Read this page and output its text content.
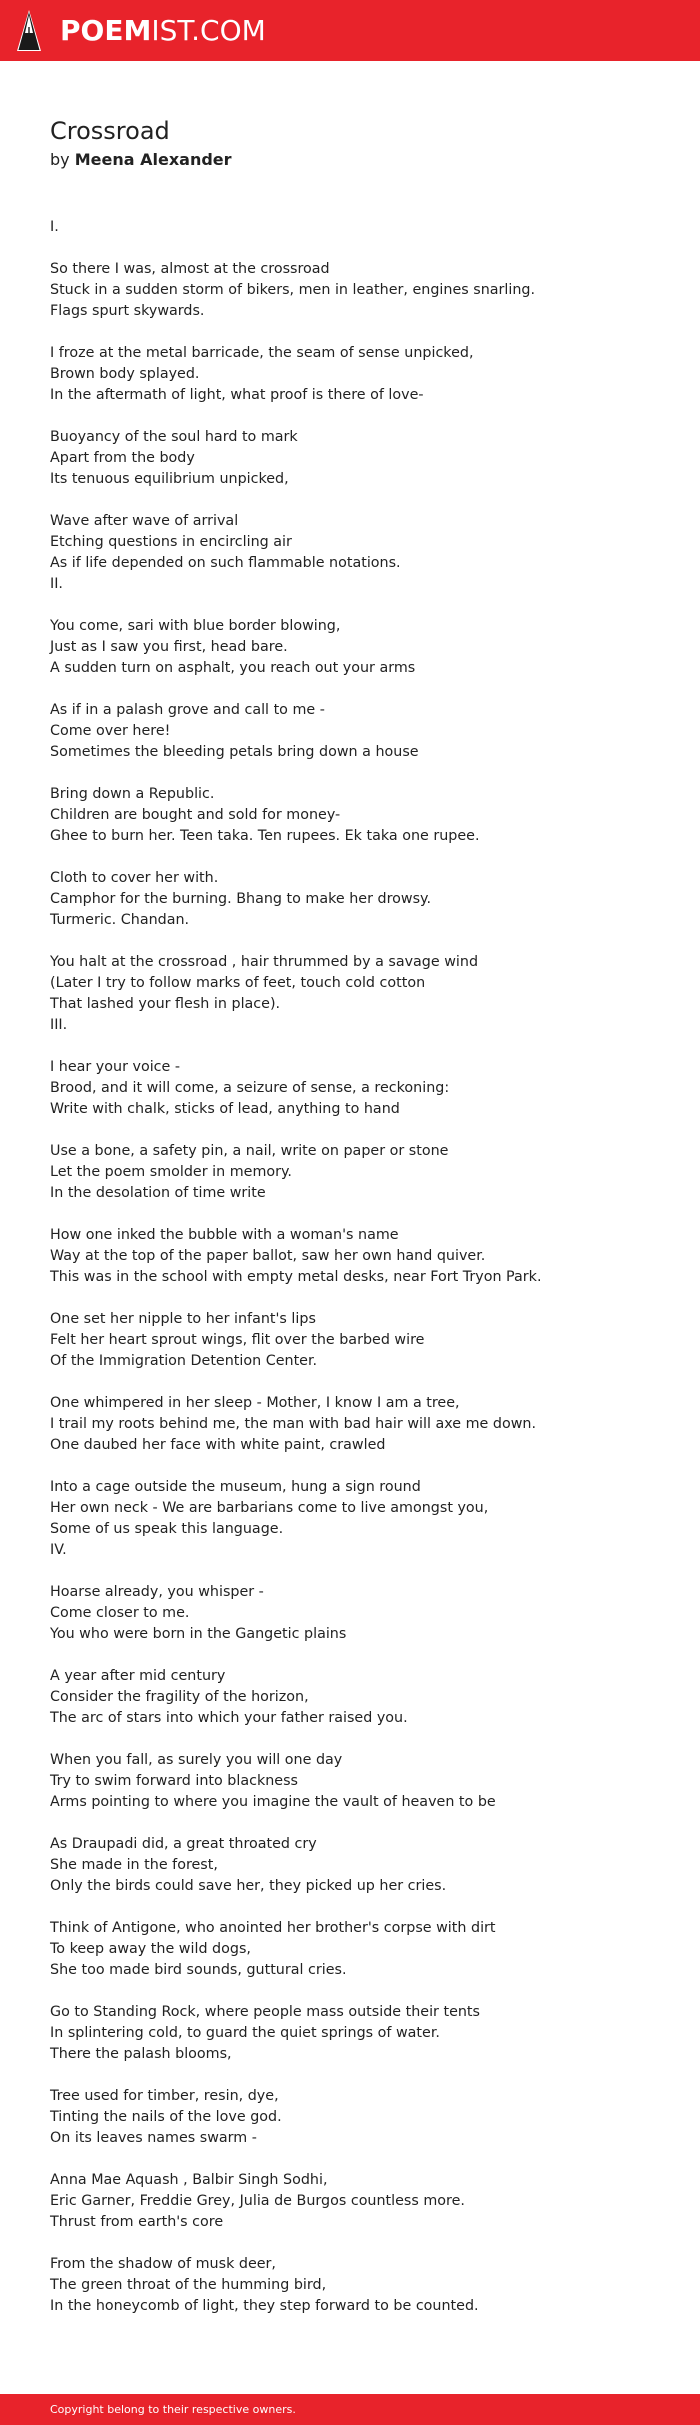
POEMIST.COM
Crossroad
by Meena Alexander
I.
So there I was, almost at the crossroad
Stuck in a sudden storm of bikers, men in leather, engines snarling.
Flags spurt skywards.
I froze at the metal barricade, the seam of sense unpicked,
Brown body splayed.
In the aftermath of light, what proof is there of love-
Buoyancy of the soul hard to mark
Apart from the body
Its tenuous equilibrium unpicked,
Wave after wave of arrival
Etching questions in encircling air
As if life depended on such flammable notations.
II.
You come, sari with blue border blowing,
Just as I saw you first, head bare.
A sudden turn on asphalt, you reach out your arms
As if in a palash grove and call to me -
Come over here!
Sometimes the bleeding petals bring down a house
Bring down a Republic.
Children are bought and sold for money-
Ghee to burn her. Teen taka. Ten rupees. Ek taka one rupee.
Cloth to cover her with.
Camphor for the burning. Bhang to make her drowsy.
Turmeric. Chandan.
You halt at the crossroad , hair thrummed by a savage wind
(Later I try to follow marks of feet, touch cold cotton
That lashed your flesh in place).
III.
I hear your voice -
Brood, and it will come, a seizure of sense, a reckoning:
Write with chalk, sticks of lead, anything to hand
Use a bone, a safety pin, a nail, write on paper or stone
Let the poem smolder in memory.
In the desolation of time write
How one inked the bubble with a woman's name
Way at the top of the paper ballot, saw her own hand quiver.
This was in the school with empty metal desks, near Fort Tryon Park.
One set her nipple to her infant's lips
Felt her heart sprout wings, flit over the barbed wire
Of the Immigration Detention Center.
One whimpered in her sleep - Mother, I know I am a tree,
I trail my roots behind me, the man with bad hair will axe me down.
One daubed her face with white paint, crawled
Into a cage outside the museum, hung a sign round
Her own neck - We are barbarians come to live amongst you,
Some of us speak this language.
IV.
Hoarse already, you whisper -
Come closer to me.
You who were born in the Gangetic plains
A year after mid century
Consider the fragility of the horizon,
The arc of stars into which your father raised you.
When you fall, as surely you will one day
Try to swim forward into blackness
Arms pointing to where you imagine the vault of heaven to be
As Draupadi did, a great throated cry
She made in the forest,
Only the birds could save her, they picked up her cries.
Think of Antigone, who anointed her brother's corpse with dirt
To keep away the wild dogs,
She too made bird sounds, guttural cries.
Go to Standing Rock, where people mass outside their tents
In splintering cold, to guard the quiet springs of water.
There the palash blooms,
Tree used for timber, resin, dye,
Tinting the nails of the love god.
On its leaves names swarm -
Anna Mae Aquash , Balbir Singh Sodhi,
Eric Garner, Freddie Grey, Julia de Burgos countless more.
Thrust from earth's core
From the shadow of musk deer,
The green throat of the humming bird,
In the honeycomb of light, they step forward to be counted.
Copyright belong to their respective owners.
